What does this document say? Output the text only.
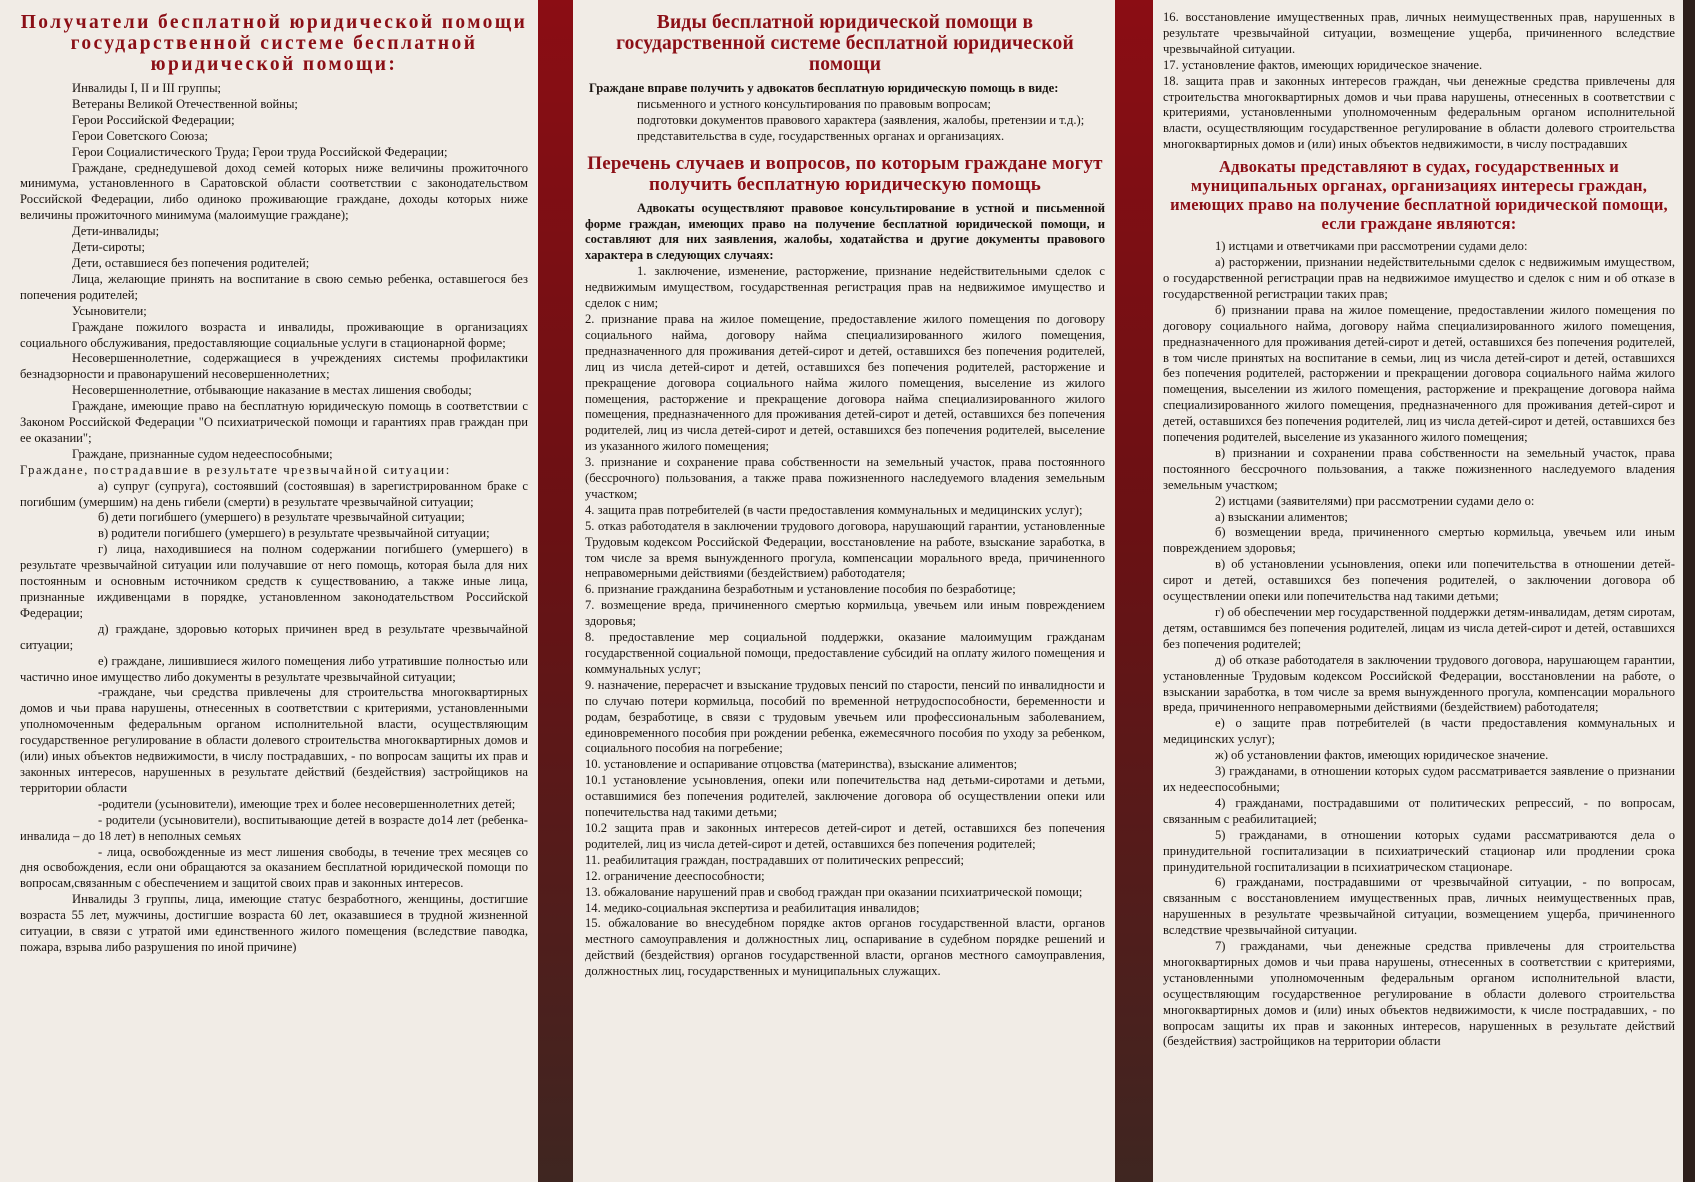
Получатели бесплатной юридической помощи государственной системе бесплатной юридической помощи:

Инвалиды I, II и III группы;

Ветераны Великой Отечественной войны;

Герои Российской Федерации;

Герои Советского Союза;

Герои Социалистического Труда; Герои труда Российской Федерации;

Граждане, среднедушевой доход семей которых ниже величины прожиточного минимума, установленного в Саратовской области соответствии с законодательством Российской Федерации, либо одиноко проживающие граждане, доходы которых ниже величины прожиточного минимума (малоимущие граждане);

Дети-инвалиды;

Дети-сироты;

Дети, оставшиеся без попечения родителей;

Лица, желающие принять на воспитание в свою семью ребенка, оставшегося без попечения родителей;

Усыновители;

Граждане пожилого возраста и инвалиды, проживающие в организациях социального обслуживания, предоставляющие социальные услуги в стационарной форме;

Несовершеннолетние, содержащиеся в учреждениях системы профилактики безнадзорности и правонарушений несовершеннолетних;

Несовершеннолетние, отбывающие наказание в местах лишения свободы;

Граждане, имеющие право на бесплатную юридическую помощь в соответствии с Законом Российской Федерации "О психиатрической помощи и гарантиях прав граждан при ее оказании";

Граждане, признанные судом недееспособными;

Граждане, пострадавшие в результате чрезвычайной ситуации:

а) супруг (супруга), состоявший (состоявшая) в зарегистрированном браке с погибшим (умершим) на день гибели (смерти) в результате чрезвычайной ситуации;

б) дети погибшего (умершего) в результате чрезвычайной ситуации;

в) родители погибшего (умершего) в результате чрезвычайной ситуации;

г) лица, находившиеся на полном содержании погибшего (умершего) в результате чрезвычайной ситуации или получавшие от него помощь, которая была для них постоянным и основным источником средств к существованию, а также иные лица, признанные иждивенцами в порядке, установленном законодательством Российской Федерации;

д) граждане, здоровью которых причинен вред в результате чрезвычайной ситуации;

е) граждане, лишившиеся жилого помещения либо утратившие полностью или частично иное имущество либо документы в результате чрезвычайной ситуации;

-граждане, чьи средства привлечены для строительства многоквартирных домов и чьи права нарушены, отнесенных в соответствии с критериями, установленными уполномоченным федеральным органом исполнительной власти, осуществляющим государственное регулирование в области долевого строительства многоквартирных домов и (или) иных объектов недвижимости, в числу пострадавших, - по вопросам защиты их прав и законных интересов, нарушенных в результате действий (бездействия) застройщиков на территории области

-родители (усыновители), имеющие трех и более несовершеннолетних детей;

- родители (усыновители), воспитывающие детей в возрасте до14 лет (ребенка-инвалида – до 18 лет) в неполных семьях

- лица, освобожденные из мест лишения свободы, в течение трех месяцев со дня освобождения, если они обращаются за оказанием бесплатной юридической помощи по вопросам,связанным с обеспечением и защитой своих прав и законных интересов.

Инвалиды 3 группы, лица, имеющие статус безработного, женщины, достигшие возраста 55 лет, мужчины, достигшие возраста 60 лет, оказавшиеся в трудной жизненной ситуации, в связи с утратой ими единственного жилого помещения (вследствие паводка, пожара, взрыва либо разрушения по иной причине)

Виды бесплатной юридической помощи в государственной системе бесплатной юридической помощи

Граждане вправе получить у адвокатов бесплатную юридическую помощь в виде:

письменного и устного консультирования по правовым вопросам;

подготовки документов правового характера (заявления, жалобы, претензии и т.д.);

представительства в суде, государственных органах и организациях.

Перечень случаев и вопросов, по которым граждане могут получить бесплатную юридическую помощь

Адвокаты осуществляют правовое консультирование в устной и письменной форме граждан, имеющих право на получение бесплатной юридической помощи, и составляют для них заявления, жалобы, ходатайства и другие документы правового характера в следующих случаях:

1. заключение, изменение, расторжение, признание недействительными сделок с недвижимым имуществом, государственная регистрация прав на недвижимое имущество и сделок с ним;

2. признание права на жилое помещение, предоставление жилого помещения по договору социального найма, договору найма специализированного жилого помещения, предназначенного для проживания детей-сирот и детей, оставшихся без попечения родителей, лиц из числа детей-сирот и детей, оставшихся без попечения родителей, расторжение и прекращение договора социального найма жилого помещения, выселение из жилого помещения, расторжение и прекращение договора найма специализированного жилого помещения, предназначенного для проживания детей-сирот и детей, оставшихся без попечения родителей, лиц из числа детей-сирот и детей, оставшихся без попечения родителей, выселение из указанного жилого помещения;

3. признание и сохранение права собственности на земельный участок, права постоянного (бессрочного) пользования, а также права пожизненного наследуемого владения земельным участком;

4. защита прав потребителей (в части предоставления коммунальных и медицинских услуг);

5. отказ работодателя в заключении трудового договора, нарушающий гарантии, установленные Трудовым кодексом Российской Федерации, восстановление на работе, взыскание заработка, в том числе за время вынужденного прогула, компенсации морального вреда, причиненного неправомерными действиями (бездействием) работодателя;

6. признание гражданина безработным и установление пособия по безработице;

7. возмещение вреда, причиненного смертью кормильца, увечьем или иным повреждением здоровья;

8. предоставление мер социальной поддержки, оказание малоимущим гражданам государственной социальной помощи, предоставление субсидий на оплату жилого помещения и коммунальных услуг;

9. назначение, перерасчет и взыскание трудовых пенсий по старости, пенсий по инвалидности и по случаю потери кормильца, пособий по временной нетрудоспособности, беременности и родам, безработице, в связи с трудовым увечьем или профессиональным заболеванием, единовременного пособия при рождении ребенка, ежемесячного пособия по уходу за ребенком, социального пособия на погребение;

10. установление и оспаривание отцовства (материнства), взыскание алиментов;

10.1 установление усыновления, опеки или попечительства над детьми-сиротами и детьми, оставшимися без попечения родителей, заключение договора об осуществлении опеки или попечительства над такими детьми;

10.2 защита прав и законных интересов детей-сирот и детей, оставшихся без попечения родителей, лиц из числа детей-сирот и детей, оставшихся без попечения родителей;

11. реабилитация граждан, пострадавших от политических репрессий;

12. ограничение дееспособности;

13. обжалование нарушений прав и свобод граждан при оказании психиатрической помощи;

14. медико-социальная экспертиза и реабилитация инвалидов;

15. обжалование во внесудебном порядке актов органов государственной власти, органов местного самоуправления и должностных лиц, оспаривание в судебном порядке решений и действий (бездействия) органов государственной власти, органов местного самоуправления, должностных лиц, государственных и муниципальных служащих.

16. восстановление имущественных прав, личных неимущественных прав, нарушенных в результате чрезвычайной ситуации, возмещение ущерба, причиненного вследствие чрезвычайной ситуации.

17. установление фактов, имеющих юридическое значение.

18. защита прав и законных интересов граждан, чьи денежные средства привлечены для строительства многоквартирных домов и чьи права нарушены, отнесенных в соответствии с критериями, установленными уполномоченным федеральным органом исполнительной власти, осуществляющим государственное регулирование в области долевого строительства многоквартирных домов и (или) иных объектов недвижимости, в числу пострадавших

Адвокаты представляют в судах, государственных и муниципальных органах, организациях интересы граждан, имеющих право на получение бесплатной юридической помощи, если граждане являются:

1) истцами и ответчиками при рассмотрении судами дело:

а) расторжении, признании недействительными сделок с недвижимым имуществом, о государственной регистрации прав на недвижимое имущество и сделок с ним и об отказе в государственной регистрации таких прав;

б) признании права на жилое помещение, предоставлении жилого помещения по договору социального найма, договору найма специализированного жилого помещения, предназначенного для проживания детей-сирот и детей, оставшихся без попечения родителей, в том числе принятых на воспитание в семьи, лиц из числа детей-сирот и детей, оставшихся без попечения родителей, расторжении и прекращении договора социального найма жилого помещения, выселении из жилого помещения, расторжение и прекращение договора найма специализированного жилого помещения, предназначенного для проживания детей-сирот и детей, оставшихся без попечения родителей, лиц из числа детей-сирот и детей, оставшихся без попечения родителей, выселение из указанного жилого помещения;

в) признании и сохранении права собственности на земельный участок, права постоянного бессрочного пользования, а также пожизненного наследуемого владения земельным участком;

2) истцами (заявителями) при рассмотрении судами дело о:

а) взыскании алиментов;

б) возмещении вреда, причиненного смертью кормильца, увечьем или иным повреждением здоровья;

в) об установлении усыновления, опеки или попечительства в отношении детей-сирот и детей, оставшихся без попечения родителей, о заключении договора об осуществлении опеки или попечительства над такими детьми;

г) об обеспечении мер государственной поддержки детям-инвалидам, детям сиротам, детям, оставшимся без попечения родителей, лицам из числа детей-сирот и детей, оставшихся без попечения родителей;

д) об отказе работодателя в заключении трудового договора, нарушающем гарантии, установленные Трудовым кодексом Российской Федерации, восстановлении на работе, о взыскании заработка, в том числе за время вынужденного прогула, компенсации морального вреда, причиненного неправомерными действиями (бездействием) работодателя;

е) о защите прав потребителей (в части предоставления коммунальных и медицинских услуг);

ж) об установлении фактов, имеющих юридическое значение.

3) гражданами, в отношении которых судом рассматривается заявление о признании их недееспособными;

4) гражданами, пострадавшими от политических репрессий, - по вопросам, связанным с реабилитацией;

5) гражданами, в отношении которых судами рассматриваются дела о принудительной госпитализации в психиатрический стационар или продлении срока принудительной госпитализации в психиатрическом стационаре.

6) гражданами, пострадавшими от чрезвычайной ситуации, - по вопросам, связанным с восстановлением имущественных прав, личных неимущественных прав, нарушенных в результате чрезвычайной ситуации, возмещением ущерба, причиненного вследствие чрезвычайной ситуации.

7) гражданами, чьи денежные средства привлечены для строительства многоквартирных домов и чьи права нарушены, отнесенных в соответствии с критериями, установленными уполномоченным федеральным органом исполнительной власти, осуществляющим государственное регулирование в области долевого строительства многоквартирных домов и (или) иных объектов недвижимости, к числе пострадавших, - по вопросам защиты их прав и законных интересов, нарушенных в результате действий (бездействия) застройщиков на территории области
